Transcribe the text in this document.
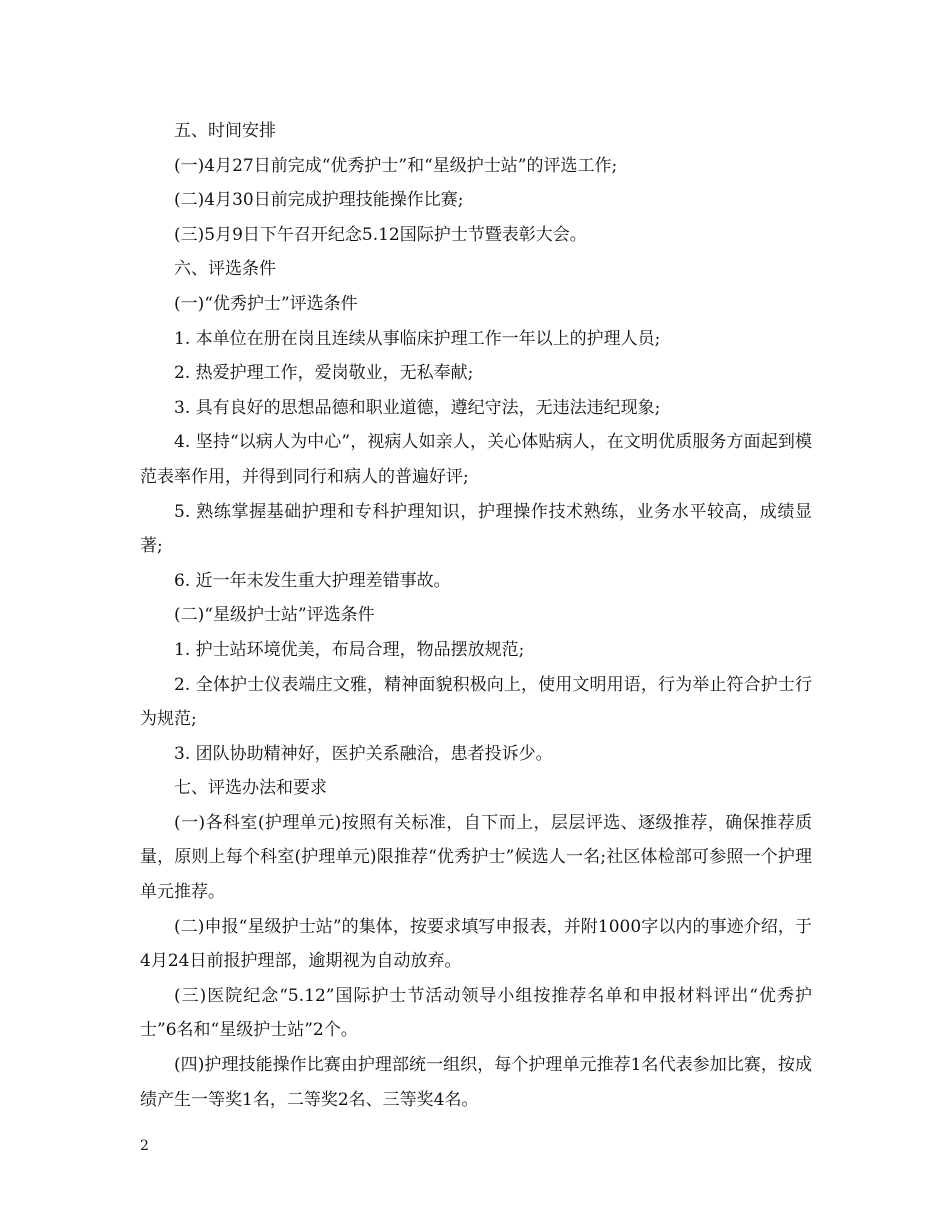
五、时间安排

(一)4月27日前完成“优秀护士”和“星级护士站”的评选工作;

(二)4月30日前完成护理技能操作比赛;

(三)5月9日下午召开纪念5.12国际护士节暨表彰大会。

六、评选条件

(一)“优秀护士”评选条件

1. 本单位在册在岗且连续从事临床护理工作一年以上的护理人员;

2. 热爱护理工作，爱岗敬业，无私奉献;

3. 具有良好的思想品德和职业道德，遵纪守法，无违法违纪现象;

4. 坚持“以病人为中心”，视病人如亲人，关心体贴病人，在文明优质服务方面起到模范表率作用，并得到同行和病人的普遍好评;

5. 熟练掌握基础护理和专科护理知识，护理操作技术熟练，业务水平较高，成绩显著;

6. 近一年未发生重大护理差错事故。

(二)“星级护士站”评选条件

1. 护士站环境优美，布局合理，物品摆放规范;

2. 全体护士仪表端庄文雅，精神面貌积极向上，使用文明用语，行为举止符合护士行为规范;

3. 团队协助精神好，医护关系融洽，患者投诉少。

七、评选办法和要求

(一)各科室(护理单元)按照有关标准，自下而上，层层评选、逐级推荐，确保推荐质量，原则上每个科室(护理单元)限推荐“优秀护士”候选人一名;社区体检部可参照一个护理单元推荐。

(二)申报“星级护士站”的集体，按要求填写申报表，并附1000字以内的事迹介绍，于4月24日前报护理部，逾期视为自动放弃。

(三)医院纪念“5.12”国际护士节活动领导小组按推荐名单和申报材料评出“优秀护士”6名和“星级护士站”2个。

(四)护理技能操作比赛由护理部统一组织，每个护理单元推荐1名代表参加比赛，按成绩产生一等奖1名，二等奖2名、三等奖4名。

2
